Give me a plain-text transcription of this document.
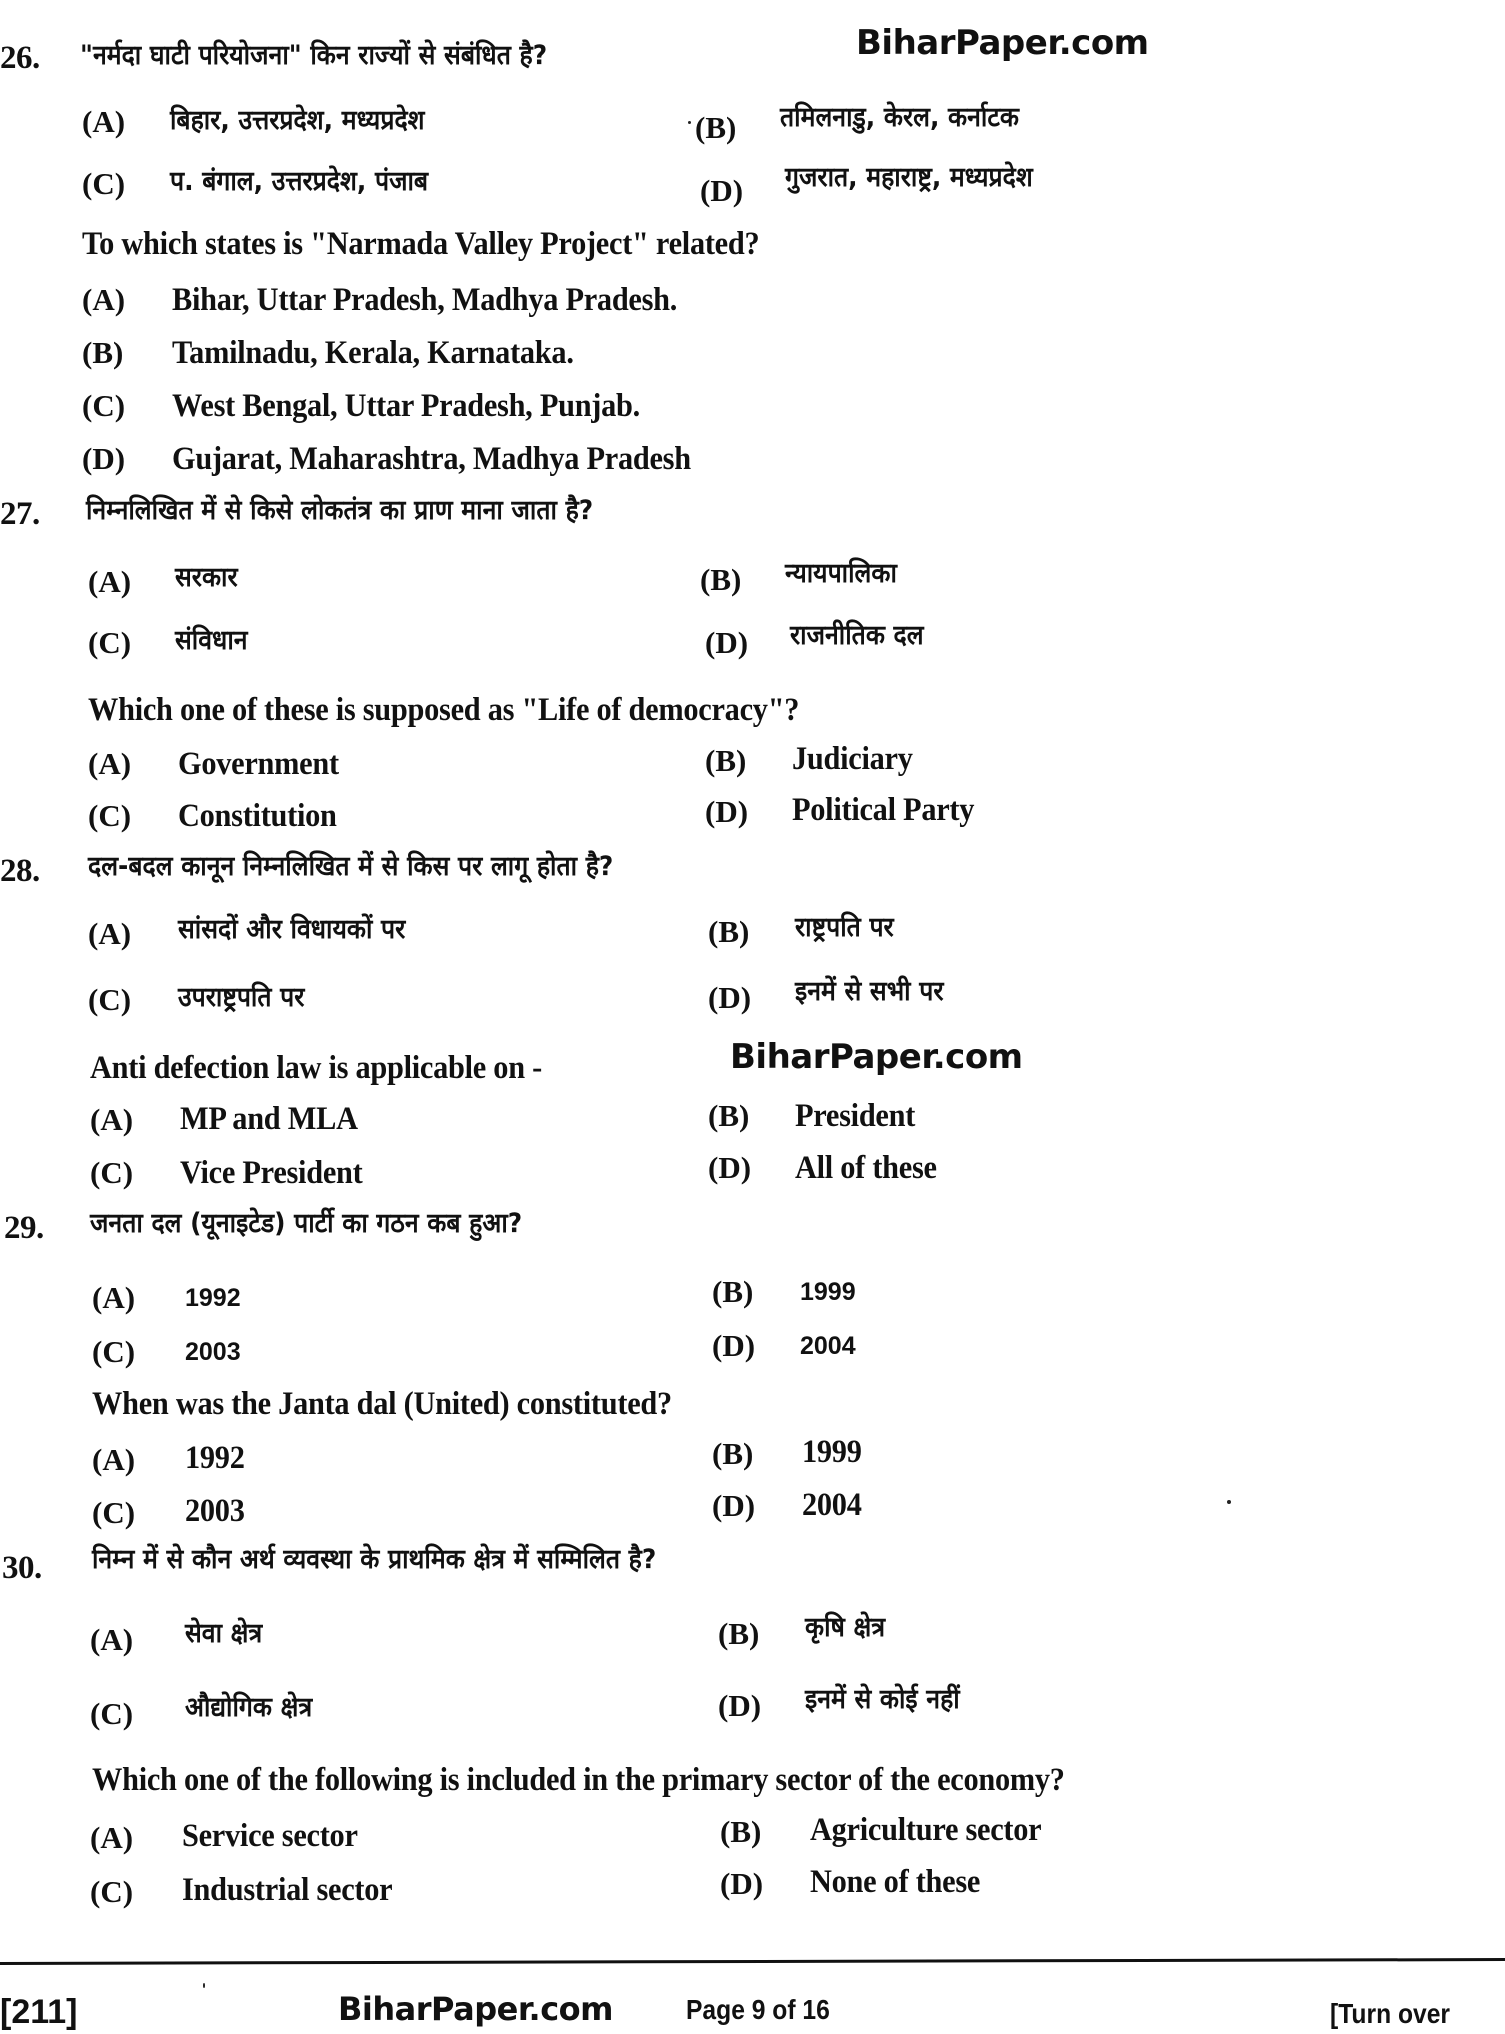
BiharPaper.com
BiharPaper.com
26. "नर्मदा घाटी परियोजना" किन राज्यों से संबंधित है?
(A) बिहार, उत्तरप्रदेश, मध्यप्रदेश	(B) तमिलनाडु, केरल, कर्नाटक
(C) प. बंगाल, उत्तरप्रदेश, पंजाब	(D) गुजरात, महाराष्ट्र, मध्यप्रदेश
To which states is "Narmada Valley Project" related?
(A) Bihar, Uttar Pradesh, Madhya Pradesh.
(B) Tamilnadu, Kerala, Karnataka.
(C) West Bengal, Uttar Pradesh, Punjab.
(D) Gujarat, Maharashtra, Madhya Pradesh
27. निम्नलिखित में से किसे लोकतंत्र का प्राण माना जाता है?
(A) सरकार	(B) न्यायपालिका
(C) संविधान	(D) राजनीतिक दल
Which one of these is supposed as "Life of democracy"?
(A) Government	(B) Judiciary
(C) Constitution	(D) Political Party
28. दल-बदल कानून निम्नलिखित में से किस पर लागू होता है?
(A) सांसदों और विधायकों पर	(B) राष्ट्रपति पर
(C) उपराष्ट्रपति पर	(D) इनमें से सभी पर
Anti defection law is applicable on -
(A) MP and MLA	(B) President
(C) Vice President	(D) All of these
29. जनता दल (यूनाइटेड) पार्टी का गठन कब हुआ?
(A) 1992	(B) 1999
(C) 2003	(D) 2004
When was the Janta dal (United) constituted?
(A) 1992	(B) 1999
(C) 2003	(D) 2004
30. निम्न में से कौन अर्थ व्यवस्था के प्राथमिक क्षेत्र में सम्मिलित है?
(A) सेवा क्षेत्र	(B) कृषि क्षेत्र
(C) औद्योगिक क्षेत्र	(D) इनमें से कोई नहीं
Which one of the following is included in the primary sector of the economy?
(A) Service sector	(B) Agriculture sector
(C) Industrial sector	(D) None of these
[211]	BiharPaper.com	Page 9 of 16	[Turn over
